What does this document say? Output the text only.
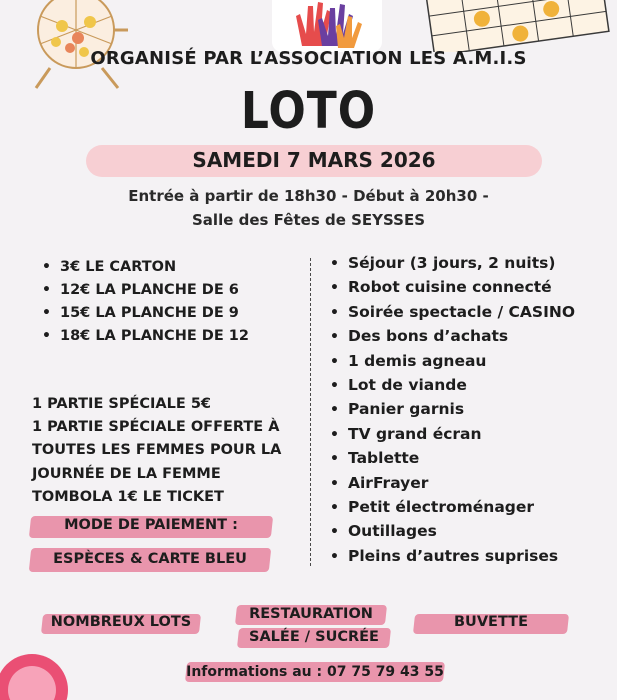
ORGANISÉ PAR L’ASSOCIATION LES A.M.I.S
LOTO
SAMEDI 7 MARS 2026
Entrée à partir de 18h30 - Début à 20h30 -
Salle des Fêtes de SEYSSES
• 3€ LE CARTON
• 12€ LA PLANCHE DE 6
• 15€ LA PLANCHE DE 9
• 18€ LA PLANCHE DE 12
• Séjour (3 jours, 2 nuits)
• Robot cuisine connecté
• Soirée spectacle / CASINO
• Des bons d’achats
• 1 demis agneau
• Lot de viande
• Panier garnis
• TV grand écran
• Tablette
• AirFrayer
• Petit électroménager
• Outillages
• Pleins d’autres suprises
1 PARTIE SPÉCIALE 5€
1 PARTIE SPÉCIALE OFFERTE À
TOUTES LES FEMMES POUR LA
JOURNÉE DE LA FEMME
TOMBOLA 1€ LE TICKET
MODE DE PAIEMENT :
ESPÈCES & CARTE BLEU
NOMBREUX LOTS	RESTAURATION
SALÉE / SUCRÉE
BUVETTE
Informations au : 07 75 79 43 55
